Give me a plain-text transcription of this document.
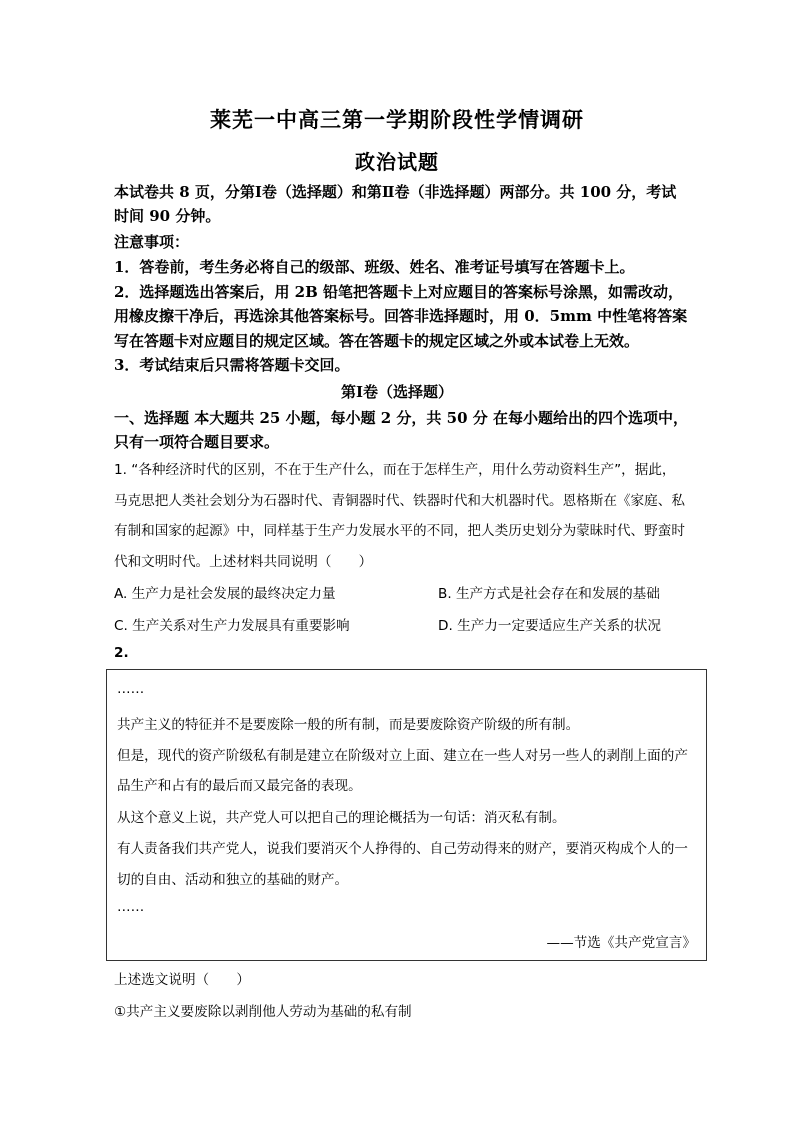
莱芜一中高三第一学期阶段性学情调研
政治试题
本试卷共 8 页，分第Ⅰ卷（选择题）和第Ⅱ卷（非选择题）两部分。共 100 分，考试
时间 90 分钟。
注意事项：
1．答卷前，考生务必将自己的级部、班级、姓名、准考证号填写在答题卡上。
2．选择题选出答案后，用 2B 铅笔把答题卡上对应题目的答案标号涂黑，如需改动，
用橡皮擦干净后，再选涂其他答案标号。回答非选择题时，用 0．5mm 中性笔将答案
写在答题卡对应题目的规定区域。答在答题卡的规定区域之外或本试卷上无效。
3．考试结束后只需将答题卡交回。
第Ⅰ卷（选择题）
一、选择题 本大题共 25 小题，每小题 2 分，共 50 分 在每小题给出的四个选项中，
只有一项符合题目要求。
1. “各种经济时代的区别，不在于生产什么，而在于怎样生产，用什么劳动资料生产”，据此，
马克思把人类社会划分为石器时代、青铜器时代、铁器时代和大机器时代。恩格斯在《家庭、私
有制和国家的起源》中，同样基于生产力发展水平的不同，把人类历史划分为蒙昧时代、野蛮时
代和文明时代。上述材料共同说明（　　）
A. 生产力是社会发展的最终决定力量	B. 生产方式是社会存在和发展的基础
C. 生产关系对生产力发展具有重要影响	D. 生产力一定要适应生产关系的状况
2.
……
共产主义的特征并不是要废除一般的所有制，而是要废除资产阶级的所有制。
但是，现代的资产阶级私有制是建立在阶级对立上面、建立在一些人对另一些人的剥削上面的产
品生产和占有的最后而又最完备的表现。
从这个意义上说，共产党人可以把自己的理论概括为一句话：消灭私有制。
有人责备我们共产党人，说我们要消灭个人挣得的、自己劳动得来的财产，要消灭构成个人的一
切的自由、活动和独立的基础的财产。
……
——节选《共产党宣言》
上述选文说明（　　）
①共产主义要废除以剥削他人劳动为基础的私有制
